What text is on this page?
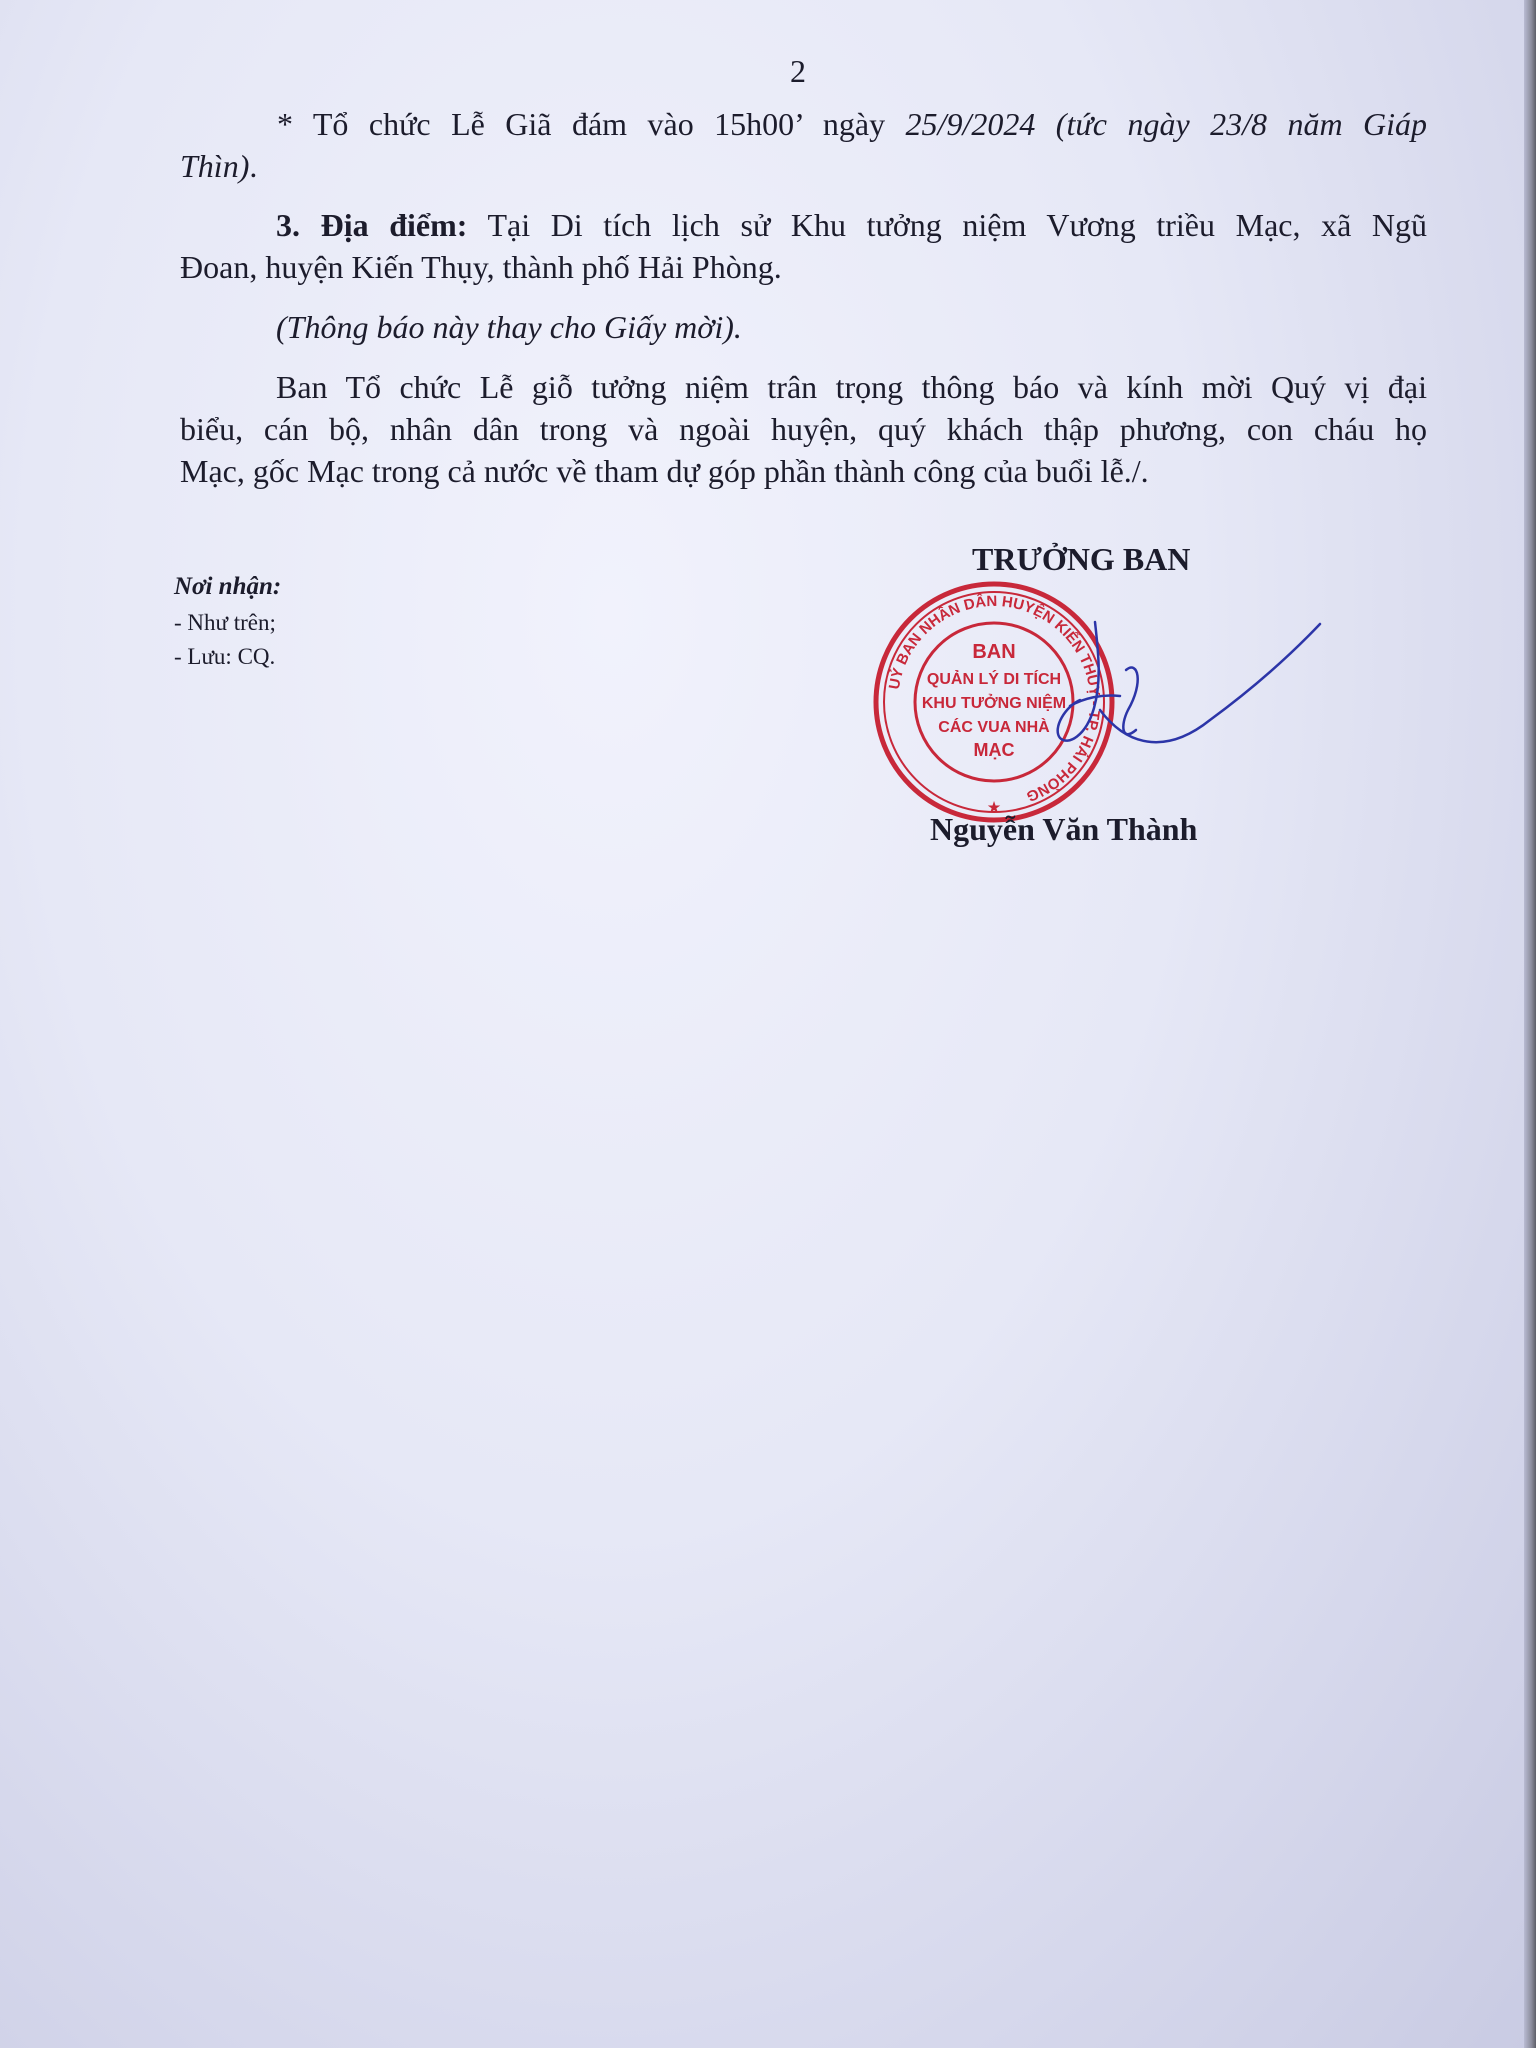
2
* Tổ chức Lễ Giã đám vào 15h00’ ngày 25/9/2024 (tức ngày 23/8 năm Giáp
Thìn).
3. Địa điểm: Tại Di tích lịch sử Khu tưởng niệm Vương triều Mạc, xã Ngũ
Đoan, huyện Kiến Thụy, thành phố Hải Phòng.
(Thông báo này thay cho Giấy mời).
Ban Tổ chức Lễ giỗ tưởng niệm trân trọng thông báo và kính mời Quý vị đại
biểu, cán bộ, nhân dân trong và ngoài huyện, quý khách thập phương, con cháu họ
Mạc, gốc Mạc trong cả nước về tham dự góp phần thành công của buổi lễ./.
Nơi nhận:
- Như trên;
- Lưu: CQ.
TRƯỞNG BAN
UỶ BAN NHÂN DÂN HUYỆN KIẾN THUỴ - TP. HẢI PHÒNG
BAN
QUẢN LÝ DI TÍCH
KHU TƯỞNG NIỆM
CÁC VUA NHÀ
MẠC
★
Nguyễn Văn Thành
